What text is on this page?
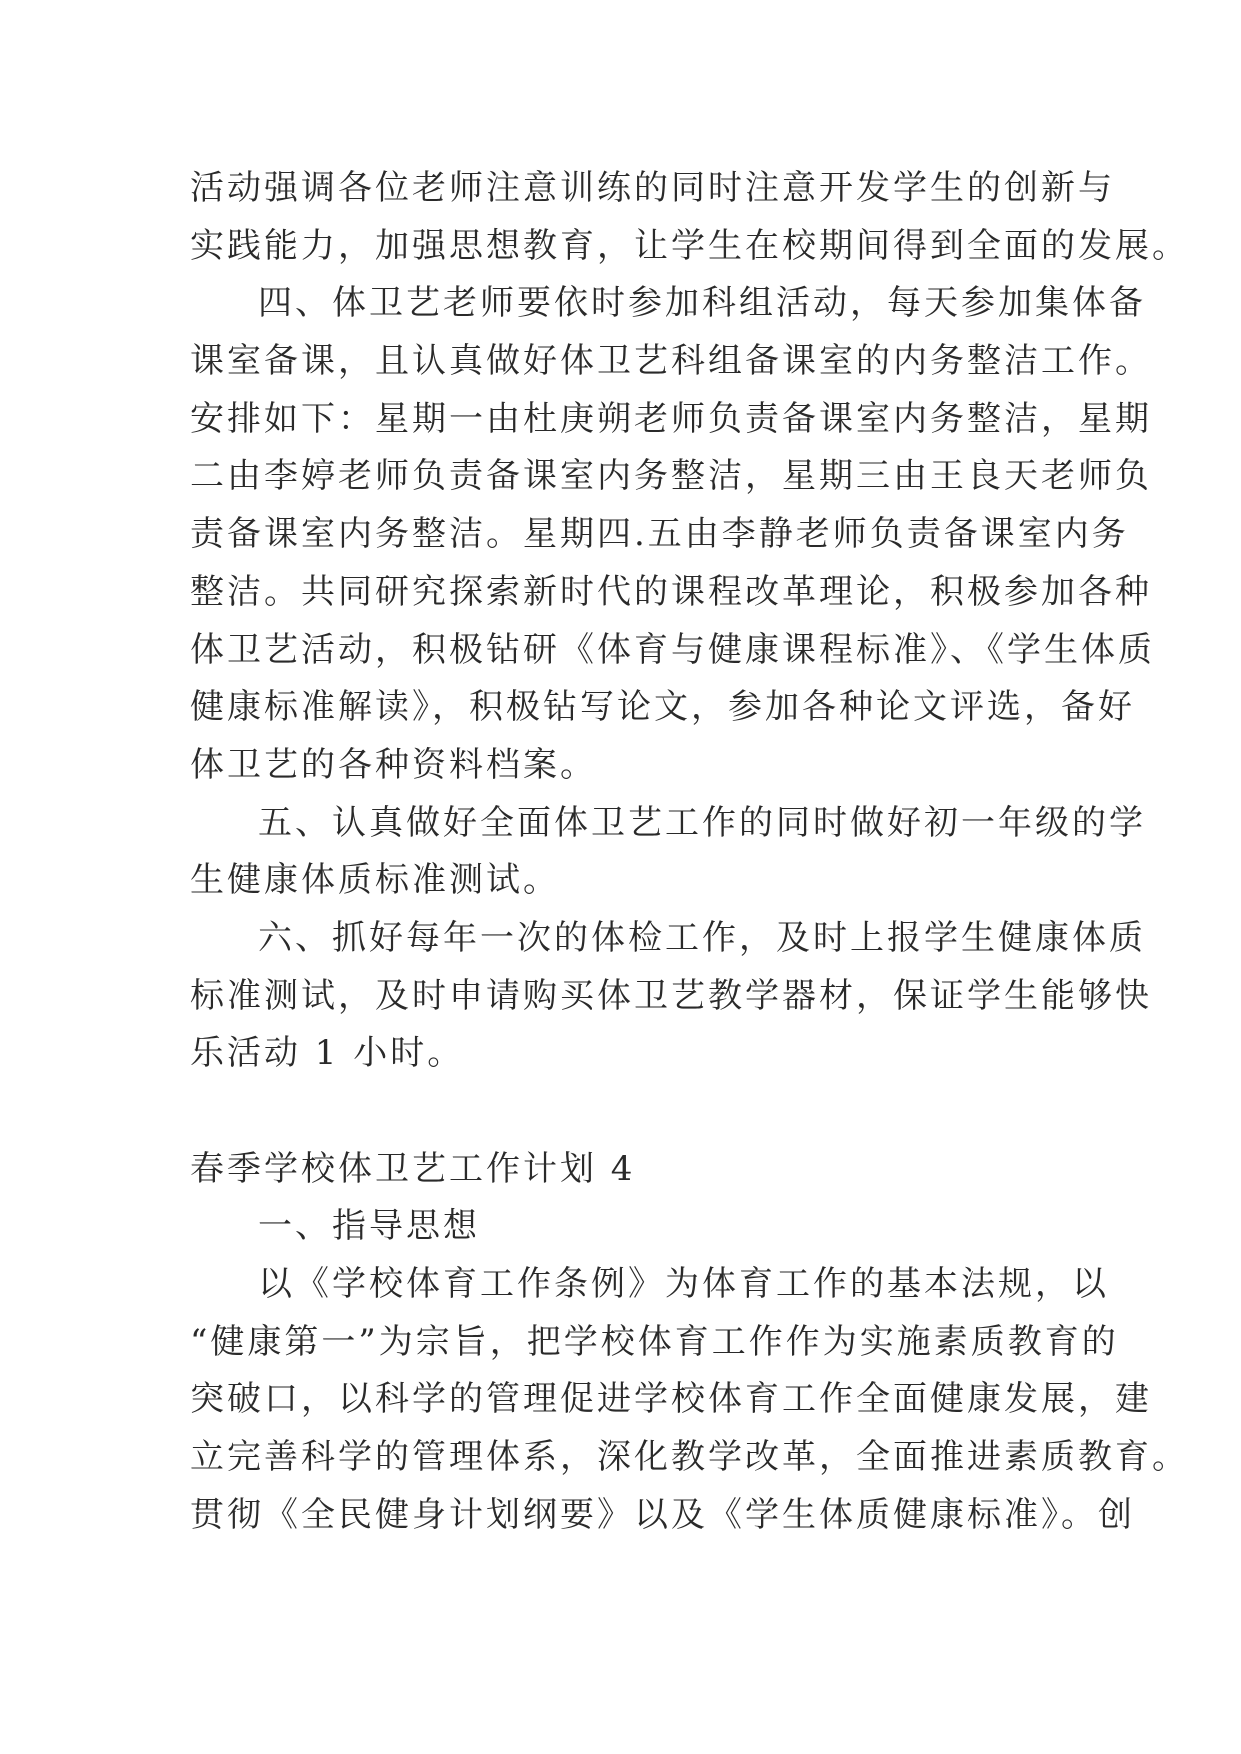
活动强调各位老师注意训练的同时注意开发学生的创新与
实践能力，加强思想教育，让学生在校期间得到全面的发展。
四、体卫艺老师要依时参加科组活动，每天参加集体备
课室备课，且认真做好体卫艺科组备课室的内务整洁工作。
安排如下：星期一由杜庚朔老师负责备课室内务整洁，星期
二由李婷老师负责备课室内务整洁，星期三由王良天老师负
责备课室内务整洁。星期四.五由李静老师负责备课室内务
整洁。共同研究探索新时代的课程改革理论，积极参加各种
体卫艺活动，积极钻研《体育与健康课程标准》、《学生体质
健康标准解读》，积极钻写论文，参加各种论文评选，备好
体卫艺的各种资料档案。
五、认真做好全面体卫艺工作的同时做好初一年级的学
生健康体质标准测试。
六、抓好每年一次的体检工作，及时上报学生健康体质
标准测试，及时申请购买体卫艺教学器材，保证学生能够快
乐活动 1 小时。
春季学校体卫艺工作计划 4
一、指导思想
以《学校体育工作条例》为体育工作的基本法规，以
“健康第一”为宗旨，把学校体育工作作为实施素质教育的
突破口，以科学的管理促进学校体育工作全面健康发展，建
立完善科学的管理体系，深化教学改革，全面推进素质教育。
贯彻《全民健身计划纲要》以及《学生体质健康标准》。创
